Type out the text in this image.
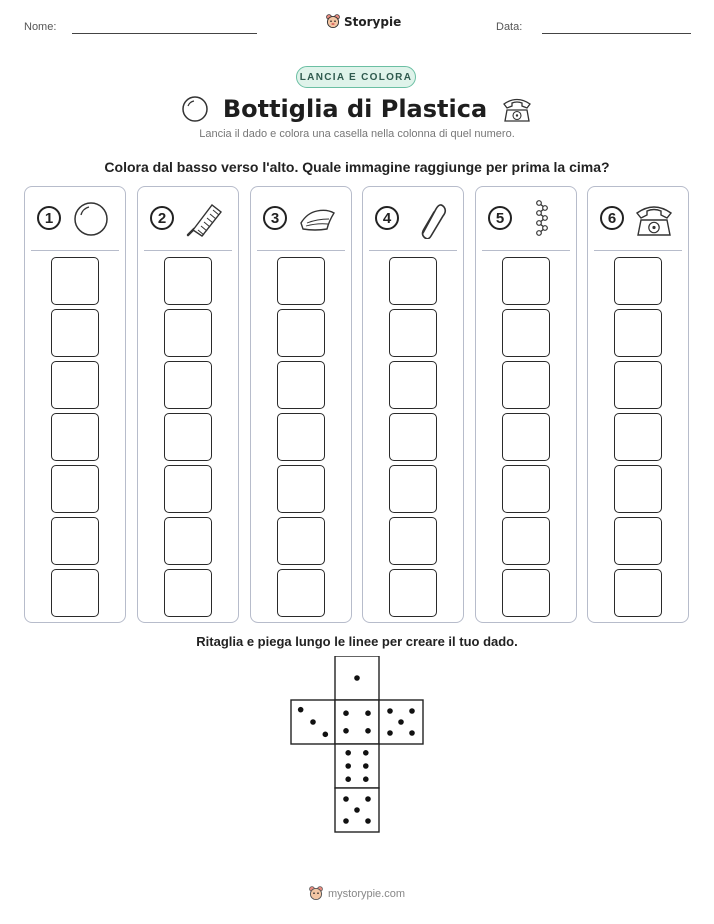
Nome:	Storypie	Data:
LANCIA E COLORA
Bottiglia di Plastica
Lancia il dado e colora una casella nella colonna di quel numero.
Colora dal basso verso l'alto. Quale immagine raggiunge per prima la cima?
1	2	3	4	5	6
Ritaglia e piega lungo le linee per creare il tuo dado.
mystorypie.com
